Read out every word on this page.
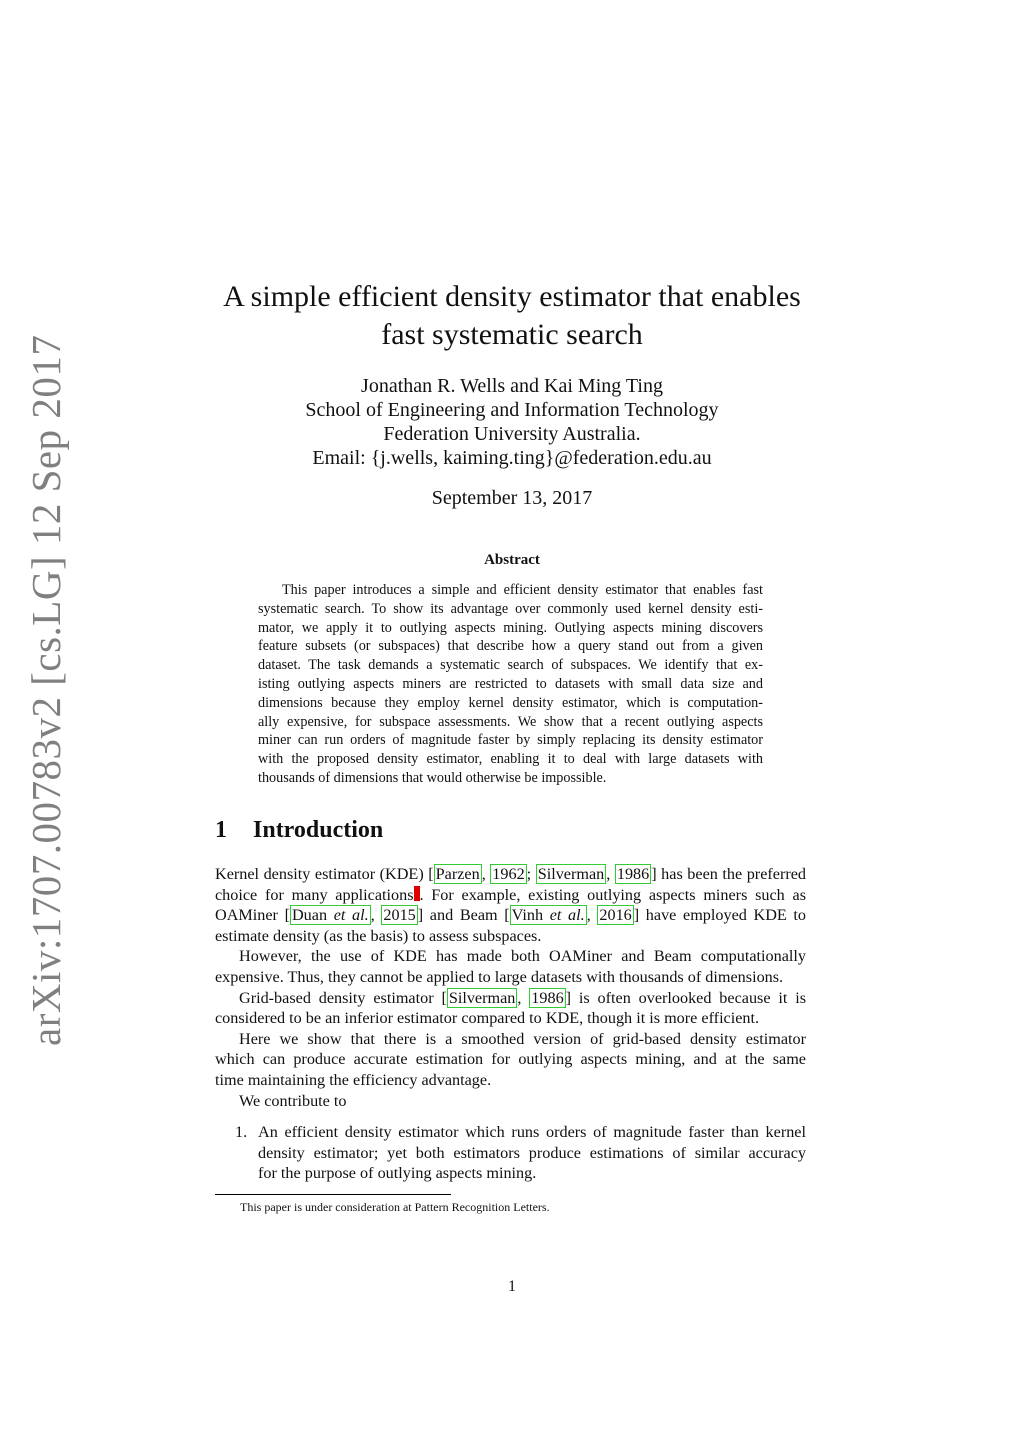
arXiv:1707.00783v2 [cs.LG] 12 Sep 2017
A simple efficient density estimator that enables
fast systematic search
Jonathan R. Wells and Kai Ming Ting
School of Engineering and Information Technology
Federation University Australia.
Email: {j.wells, kaiming.ting}@federation.edu.au
September 13, 2017
Abstract
This paper introduces a simple and efficient density estimator that enables fast
systematic search. To show its advantage over commonly used kernel density esti-
mator, we apply it to outlying aspects mining. Outlying aspects mining discovers
feature subsets (or subspaces) that describe how a query stand out from a given
dataset. The task demands a systematic search of subspaces. We identify that ex-
isting outlying aspects miners are restricted to datasets with small data size and
dimensions because they employ kernel density estimator, which is computation-
ally expensive, for subspace assessments. We show that a recent outlying aspects
miner can run orders of magnitude faster by simply replacing its density estimator
with the proposed density estimator, enabling it to deal with large datasets with
thousands of dimensions that would otherwise be impossible.
1 Introduction
Kernel density estimator (KDE) [ Parzen , 1962 ; Silverman , 1986 ] has been the preferred
choice for many applications . For example, existing outlying aspects miners such as
OAMiner [ Duan et al. , 2015 ] and Beam [ Vinh et al. , 2016 ] have employed KDE to
estimate density (as the basis) to assess subspaces.
However, the use of KDE has made both OAMiner and Beam computationally
expensive. Thus, they cannot be applied to large datasets with thousands of dimensions.
Grid-based density estimator [ Silverman , 1986 ] is often overlooked because it is
considered to be an inferior estimator compared to KDE, though it is more efficient.
Here we show that there is a smoothed version of grid-based density estimator
which can produce accurate estimation for outlying aspects mining, and at the same
time maintaining the efficiency advantage.
We contribute to
1. An efficient density estimator which runs orders of magnitude faster than kernel
density estimator; yet both estimators produce estimations of similar accuracy
for the purpose of outlying aspects mining.
This paper is under consideration at Pattern Recognition Letters.
1
